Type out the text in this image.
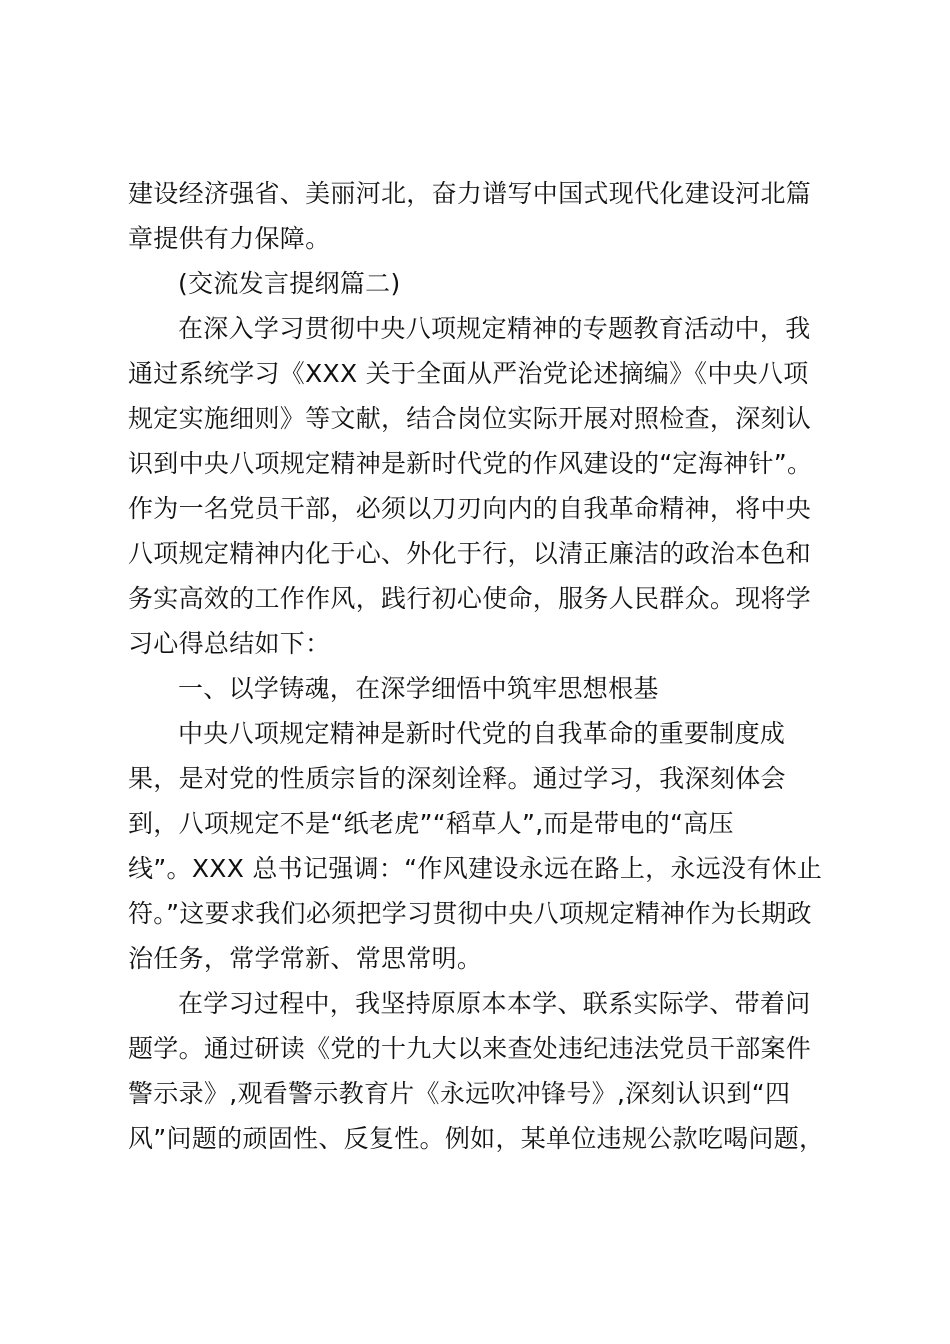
建设经济强省、美丽河北，奋力谱写中国式现代化建设河北篇
章提供有力保障。
(交流发言提纲篇二)
在深入学习贯彻中央八项规定精神的专题教育活动中，我
通过系统学习《XXX 关于全面从严治党论述摘编》《中央八项
规定实施细则》等文献，结合岗位实际开展对照检查，深刻认
识到中央八项规定精神是新时代党的作风建设的“定海神针”。
作为一名党员干部，必须以刀刃向内的自我革命精神，将中央
八项规定精神内化于心、外化于行，以清正廉洁的政治本色和
务实高效的工作作风，践行初心使命，服务人民群众。现将学
习心得总结如下：
一、以学铸魂，在深学细悟中筑牢思想根基
中央八项规定精神是新时代党的自我革命的重要制度成
果，是对党的性质宗旨的深刻诠释。通过学习，我深刻体会
到，八项规定不是“纸老虎”“稻草人”,而是带电的“高压
线”。XXX 总书记强调：“作风建设永远在路上，永远没有休止
符。”这要求我们必须把学习贯彻中央八项规定精神作为长期政
治任务，常学常新、常思常明。
在学习过程中，我坚持原原本本学、联系实际学、带着问
题学。通过研读《党的十九大以来查处违纪违法党员干部案件
警示录》,观看警示教育片《永远吹冲锋号》,深刻认识到“四
风”问题的顽固性、反复性。例如，某单位违规公款吃喝问题，
